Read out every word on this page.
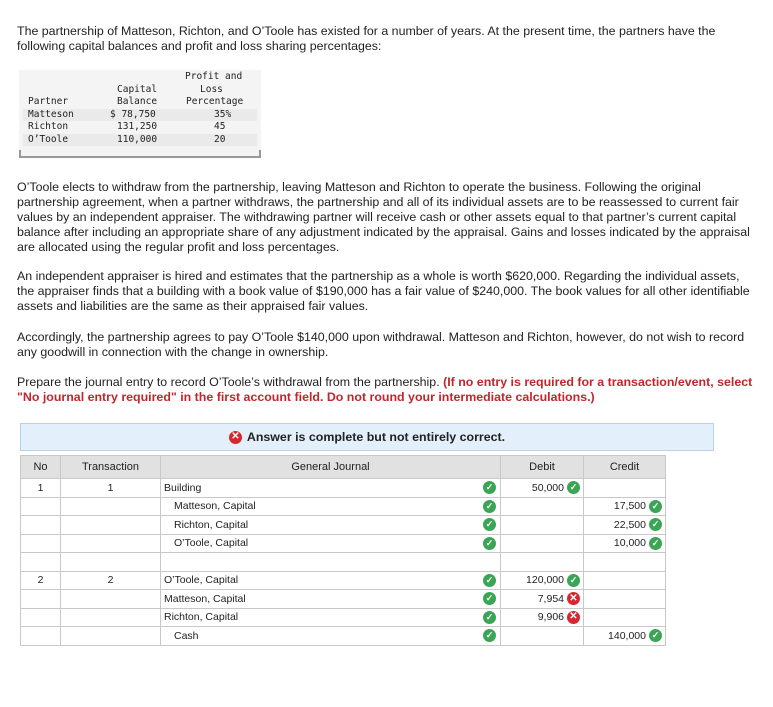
The partnership of Matteson, Richton, and O’Toole has existed for a number of years. At the present time, the partners have the following capital balances and profit and loss sharing percentages:

Profit and
Capital	Loss
Partner	Balance	Percentage
Matteson	$ 78,750	35%
Richton	131,250	45
O’Toole	110,000	20

O’Toole elects to withdraw from the partnership, leaving Matteson and Richton to operate the business. Following the original partnership agreement, when a partner withdraws, the partnership and all of its individual assets are to be reassessed to current fair values by an independent appraiser. The withdrawing partner will receive cash or other assets equal to that partner’s current capital balance after including an appropriate share of any adjustment indicated by the appraisal. Gains and losses indicated by the appraisal are allocated using the regular profit and loss percentages.

An independent appraiser is hired and estimates that the partnership as a whole is worth $620,000. Regarding the individual assets, the appraiser finds that a building with a book value of $190,000 has a fair value of $240,000. The book values for all other identifiable assets and liabilities are the same as their appraised fair values.

Accordingly, the partnership agrees to pay O’Toole $140,000 upon withdrawal. Matteson and Richton, however, do not wish to record any goodwill in connection with the change in ownership.

Prepare the journal entry to record O’Toole’s withdrawal from the partnership. (If no entry is required for a transaction/event, select "No journal entry required" in the first account field. Do not round your intermediate calculations.)

✕ Answer is complete but not entirely correct.
No	Transaction	General Journal	Debit	Credit
1	1	Building ✓	50,000 ✓	

		Matteson, Capital ✓		17,500 ✓

		Richton, Capital ✓		22,500 ✓

		O’Toole, Capital ✓		10,000 ✓

2	2	O’Toole, Capital ✓	120,000 ✓	

		Matteson, Capital ✓	7,954 ✕	

		Richton, Capital ✓	9,906 ✕	

		Cash ✓		140,000 ✓
